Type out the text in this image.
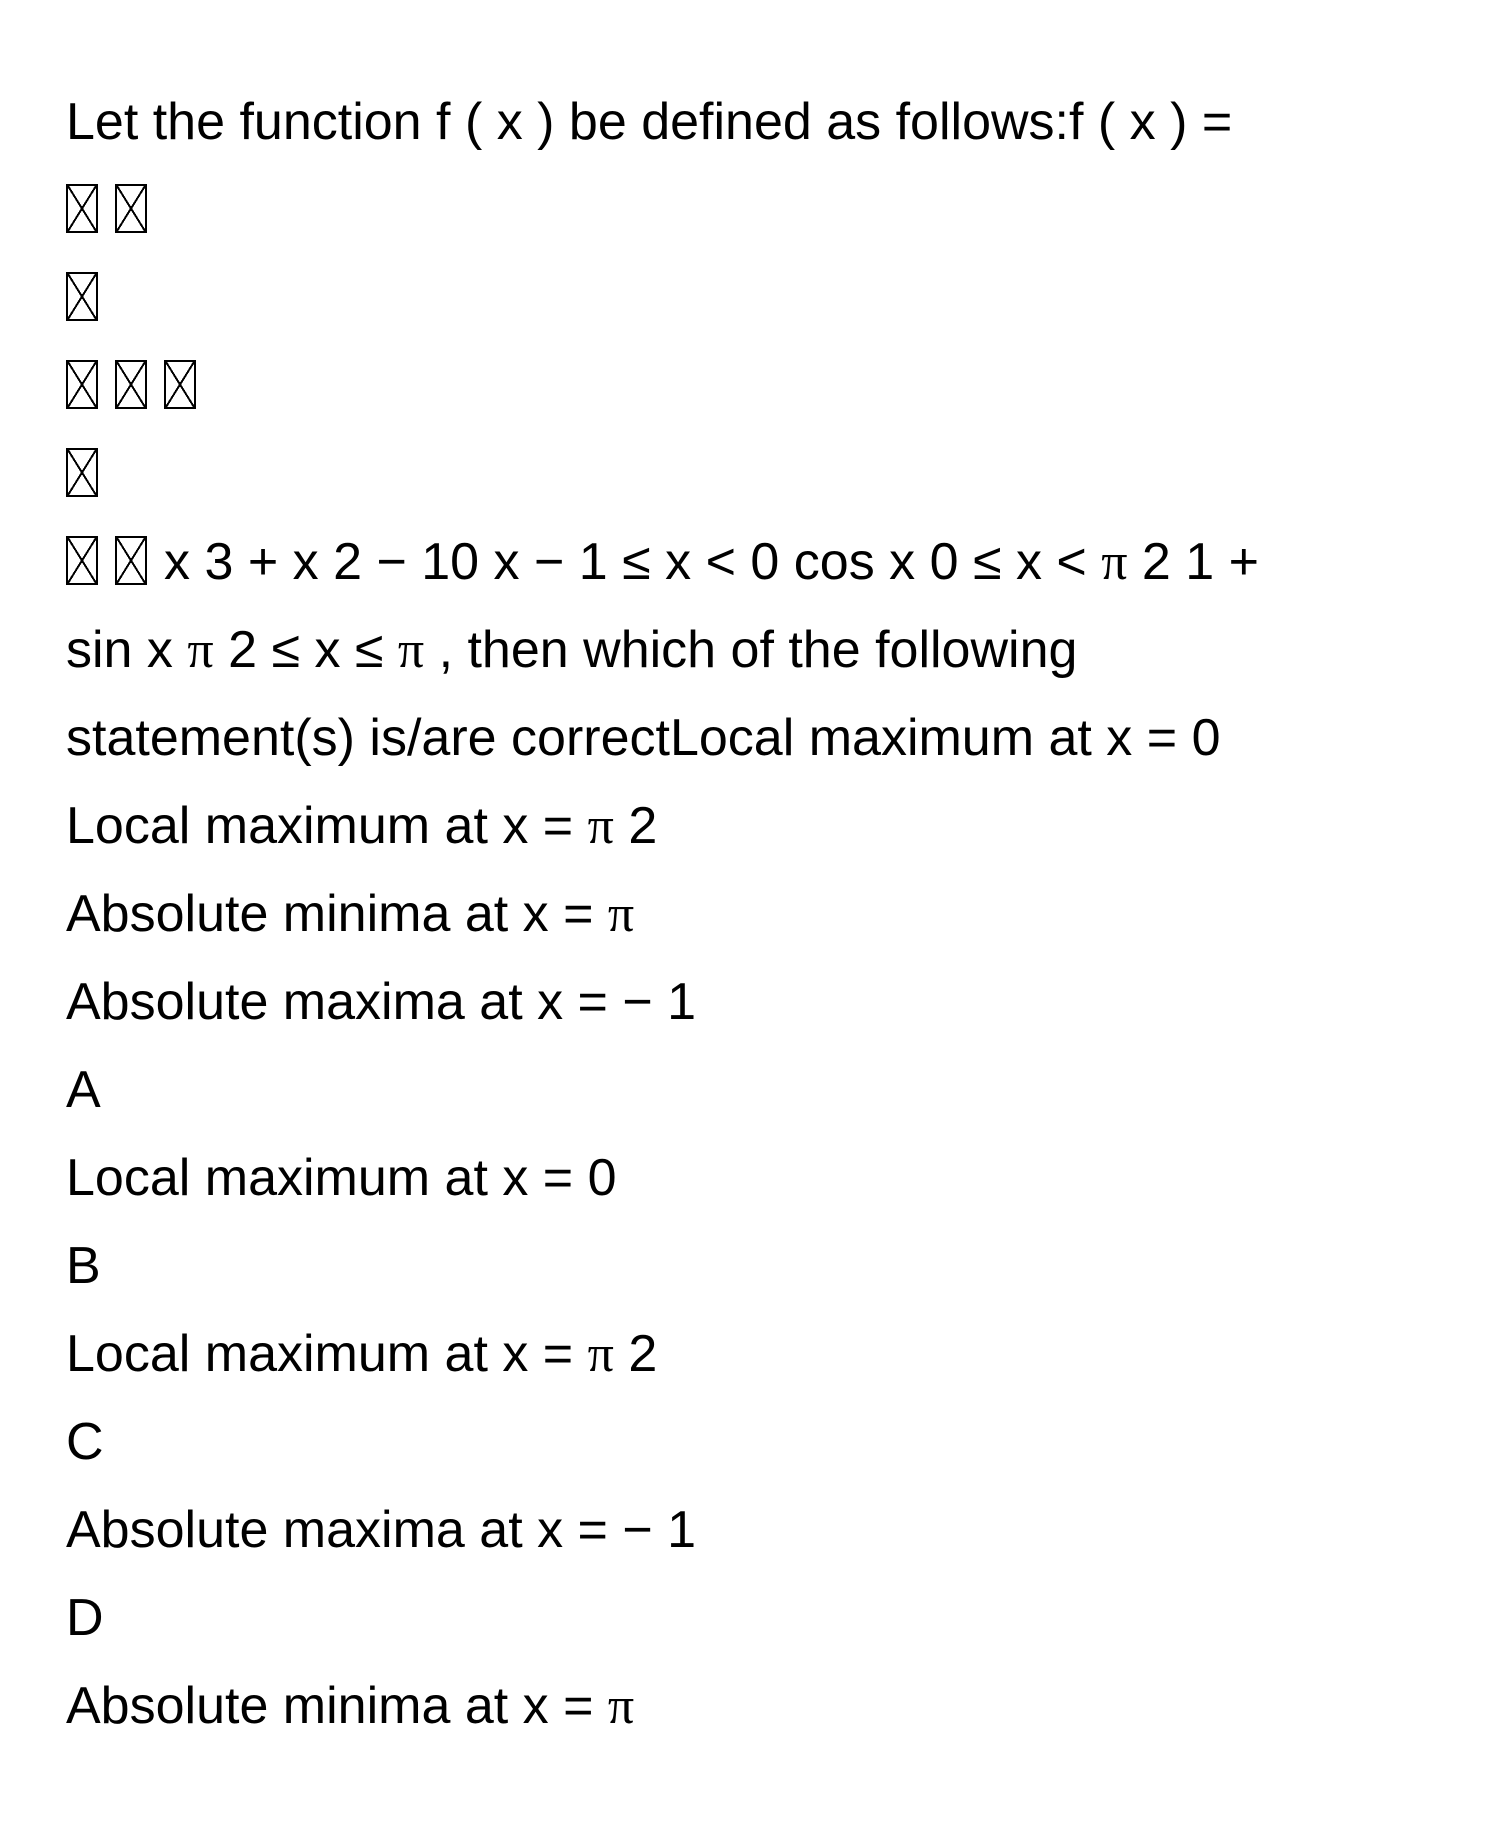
Let the function f ( x ) be defined as follows:f ( x ) =
x 3 + x 2 − 10 x − 1 ≤ x < 0 cos x 0 ≤ x < π 2 1 +
sin x π 2 ≤ x ≤ π , then which of the following
statement(s) is/are correctLocal maximum at x = 0
Local maximum at x = π 2
Absolute minima at x = π
Absolute maxima at x = − 1
A
Local maximum at x = 0
B
Local maximum at x = π 2
C
Absolute maxima at x = − 1
D
Absolute minima at x = π
